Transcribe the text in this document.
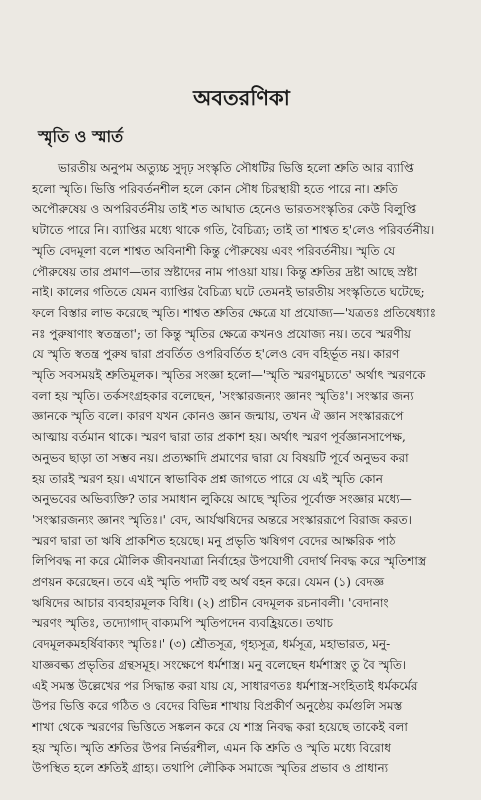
অবতরণিকা
স্মৃতি ও স্মার্ত
ভারতীয় অনুপম অত্যুচ্চ সুদৃঢ় সংস্কৃতি সৌধটির ভিত্তি হলো শ্রুতি আর ব্যাপ্তি
হলো স্মৃতি। ভিত্তি পরিবর্তনশীল হলে কোন সৌধ চিরস্থায়ী হতে পারে না। শ্রুতি
অপৌরুষেয় ও অপরিবর্তনীয় তাই শত আঘাত হেনেও ভারতসংস্কৃতির কেউ বিলুপ্তি
ঘটাতে পারে নি। ব্যাপ্তির মধ্যে থাকে গতি, বৈচিত্র্য; তাই তা শাশ্বত হ'লেও পরিবর্তনীয়।
স্মৃতি বেদমূলা বলে শাশ্বত অবিনাশী কিন্তু পৌরুষেয় এবং পরিবর্তনীয়। স্মৃতি যে
পৌরুষেয় তার প্রমাণ—তার স্রষ্টাদের নাম পাওয়া যায়। কিন্তু শ্রুতির দ্রষ্টা আছে স্রষ্টা
নাই। কালের গতিতে যেমন ব্যাপ্তির বৈচিত্র্য ঘটে তেমনই ভারতীয় সংস্কৃতিতে ঘটেছে;
ফলে বিস্তার লাভ করেছে স্মৃতি। শাশ্বত শ্রুতির ক্ষেত্রে যা প্রযোজ্য—'যত্রতঃ প্রতিষেধ্যাঃ
নঃ পুরুষাণাং স্বতন্ত্রতা'; তা কিন্তু স্মৃতির ক্ষেত্রে কখনও প্রযোজ্য নয়। তবে স্মরণীয়
যে স্মৃতি স্বতন্ত্র পুরুষ দ্বারা প্রবর্তিত ওপরিবর্তিত হ'লেও বেদ বহির্ভূত নয়। কারণ
স্মৃতি সবসময়ই শ্রুতিমূলক। স্মৃতির সংজ্ঞা হলো—'স্মৃতি স্মরণমুচ্যতে' অর্থাৎ স্মরণকে
বলা হয় স্মৃতি। তর্কসংগ্রহকার বলেছেন, 'সংস্কারজন্যং জ্ঞানং স্মৃতিঃ'। সংস্কার জন্য
জ্ঞানকে স্মৃতি বলে। কারণ যখন কোনও জ্ঞান জন্মায়, তখন ঐ জ্ঞান সংস্কাররূপে
আত্মায় বর্তমান থাকে। স্মরণ দ্বারা তার প্রকাশ হয়। অর্থাৎ স্মরণ পূর্বজ্ঞানসাপেক্ষ,
অনুভব ছাড়া তা সম্ভব নয়। প্রত্যক্ষাদি প্রমাণের দ্বারা যে বিষয়টি পূর্বে অনুভব করা
হয় তারই স্মরণ হয়। এখানে স্বাভাবিক প্রশ্ন জাগতে পারে যে এই স্মৃতি কোন
অনুভবের অভিব্যক্তি? তার সমাধান লুকিয়ে আছে স্মৃতির পূর্বোক্ত সংজ্ঞার মধ্যে—
'সংস্কারজন্যং জ্ঞানং স্মৃতিঃ।' বেদ, আর্যঋষিদের অন্তরে সংস্কাররূপে বিরাজ করত।
স্মরণ দ্বারা তা ঋষি প্রাকশিত হয়েছে। মনু প্রভৃতি ঋষিগণ বেদের আক্ষরিক পাঠ
লিপিবদ্ধ না করে মৌলিক জীবনযাত্রা নির্বাহের উপযোগী বেদার্থ নিবদ্ধ করে স্মৃতিশাস্ত্র
প্রণয়ন করেছেন। তবে এই স্মৃতি পদটি বহু অর্থ বহন করে। যেমন (১) বেদজ্ঞ
ঋষিদের আচার ব্যবহারমূলক বিধি। (২) প্রাচীন বেদমূলক রচনাবলী। 'বেদানাং
স্মরণং স্মৃতিঃ, তদ্যোগাদ্ বাক্যমপি স্মৃতিপদেন ব্যবহ্রিয়তে। তথাচ
বেদমূলকমহর্ষিবাক্যং স্মৃতিঃ।' (৩) শ্রৌতসূত্র, গৃহ্যসূত্র, ধর্মসূত্র, মহাভারত, মনু-
যাজ্ঞবল্ক্য প্রভৃতির গ্রন্থসমূহ। সংক্ষেপে ধর্মশাস্ত্র। মনু বলেছেন ধর্মশাস্ত্রং তু বৈ স্মৃতি।
এই সমস্ত উল্লেখের পর সিদ্ধান্ত করা যায় যে, সাধারণতঃ ধর্মশাস্ত্র-সংহিতাই ধর্মকর্মের
উপর ভিত্তি করে গঠিত ও বেদের বিভিন্ন শাখায় বিপ্রকীর্ণ অনুষ্ঠেয় কর্মগুলি সমস্ত
শাখা থেকে স্মরণের ভিত্তিতে সঙ্কলন করে যে শাস্ত্র নিবদ্ধ করা হয়েছে তাকেই বলা
হয় স্মৃতি। স্মৃতি শ্রুতির উপর নির্ভরশীল, এমন কি শ্রুতি ও স্মৃতি মধ্যে বিরোধ
উপস্থিত হলে শ্রুতিই গ্রাহ্য। তথাপি লৌকিক সমাজে স্মৃতির প্রভাব ও প্রাধান্য
